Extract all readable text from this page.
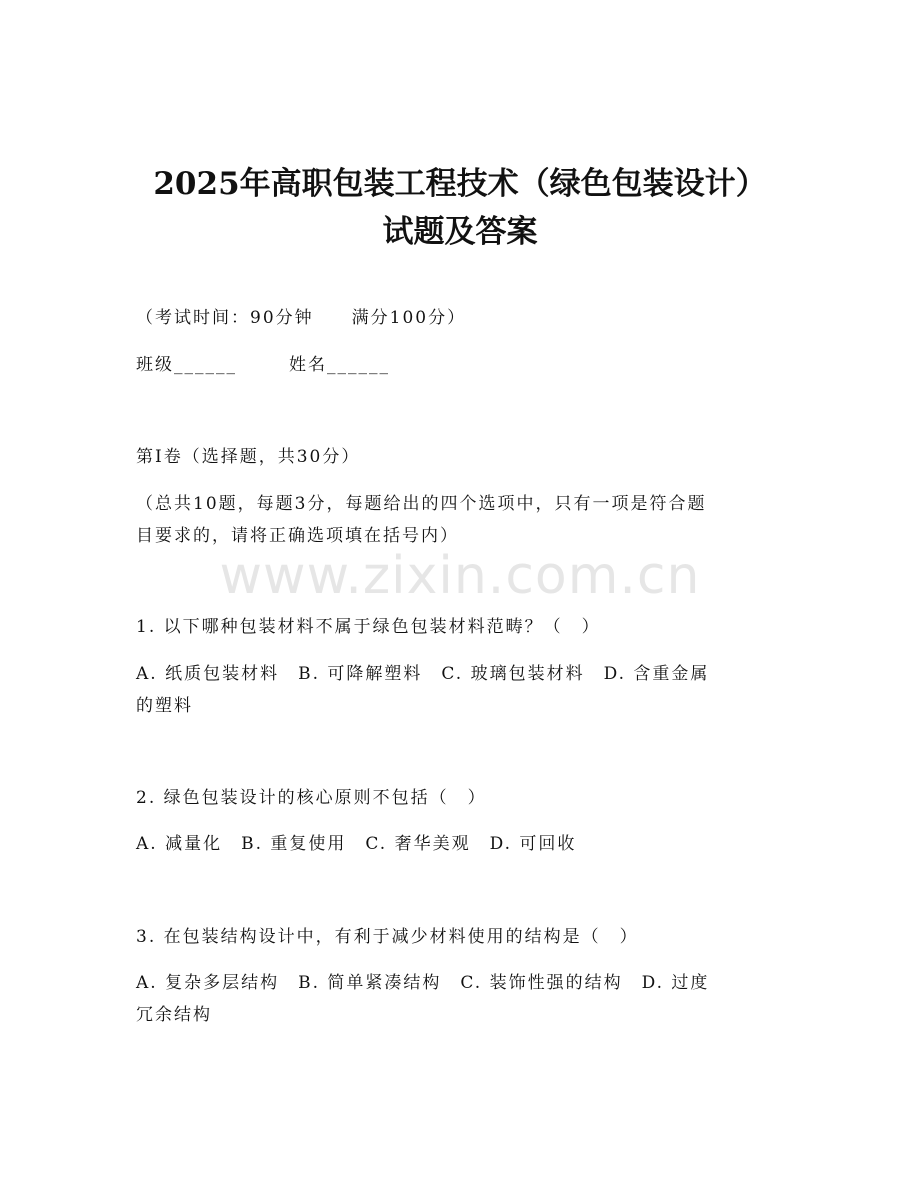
2025年高职包装工程技术（绿色包装设计）
试题及答案
（考试时间：90分钟　　满分100分）
班级______	姓名______
第I卷（选择题，共30分）
（总共10题，每题3分，每题给出的四个选项中，只有一项是符合题
目要求的，请将正确选项填在括号内）
www.zixin.com.cn
1. 以下哪种包装材料不属于绿色包装材料范畴？（　）
A. 纸质包装材料　B. 可降解塑料　C. 玻璃包装材料　D. 含重金属
的塑料
2. 绿色包装设计的核心原则不包括（　）
A. 减量化　B. 重复使用　C. 奢华美观　D. 可回收
3. 在包装结构设计中，有利于减少材料使用的结构是（　）
A. 复杂多层结构　B. 简单紧凑结构　C. 装饰性强的结构　D. 过度
冗余结构
